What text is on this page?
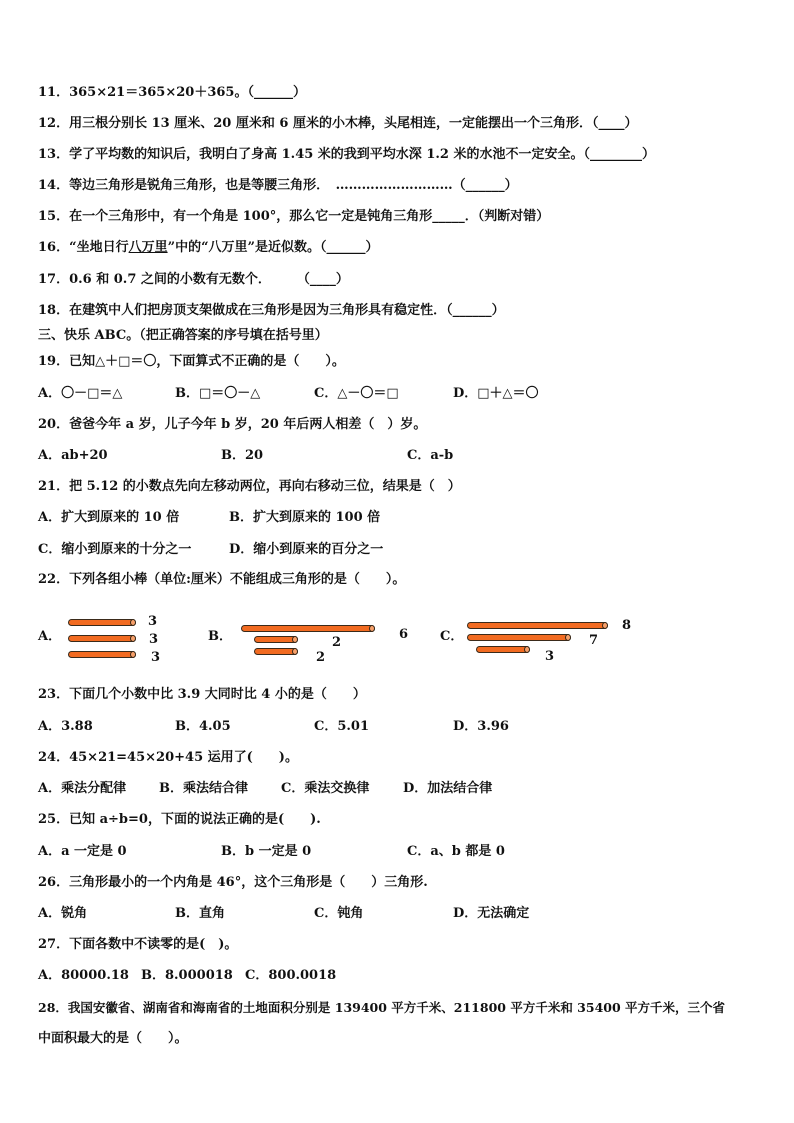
11．365×21＝365×20＋365。（______）
12．用三根分别长 13 厘米、20 厘米和 6 厘米的小木棒，头尾相连，一定能摆出一个三角形．（____）
13．学了平均数的知识后，我明白了身高 1.45 米的我到平均水深 1.2 米的水池不一定安全。（________）
14．等边三角形是锐角三角形，也是等腰三角形．　………………………（______）
15．在一个三角形中，有一个角是 100°，那么它一定是钝角三角形_____．（判断对错）
16．“坐地日行八万里”中的“八万里”是近似数。（______）
17．0.6 和 0.7 之间的小数有无数个．　　　（____）
18．在建筑中人们把房顶支架做成在三角形是因为三角形具有稳定性．（______）
三、快乐 ABC。（把正确答案的序号填在括号里）
19．已知△＋□＝〇，下面算式不正确的是（　　）。
A．〇－□＝△	B．□＝〇－△	C．△－〇＝□	D．□＋△＝〇
20．爸爸今年 a 岁，儿子今年 b 岁，20 年后两人相差（　）岁。
A．ab+20	B．20	C．a-b
21．把 5.12 的小数点先向左移动两位，再向右移动三位，结果是（　）
A．扩大到原来的 10 倍	B．扩大到原来的 100 倍
C．缩小到原来的十分之一	D．缩小到原来的百分之一
22．下列各组小棒（单位:厘米）不能组成三角形的是（　　）。
A．
3
3
3
B．	6
2
2
C．
8
7
3
23．下面几个小数中比 3.9 大同时比 4 小的是（　　）
A．3.88	B．4.05	C．5.01	D．3.96
24．45×21=45×20+45 运用了(　　)。
A．乘法分配律	B．乘法结合律	C．乘法交换律	D．加法结合律
25．已知 a÷b=0，下面的说法正确的是(　　).
A．a 一定是 0	B．b 一定是 0	C．a、b 都是 0
26．三角形最小的一个内角是 46°，这个三角形是（　　）三角形.
A．锐角	B．直角	C．钝角	D．无法确定
27．下面各数中不读零的是(　)。
A．80000.18 B．8.000018 C．800.0018
28．我国安徽省、湖南省和海南省的土地面积分别是 139400 平方千米、211800 平方千米和 35400 平方千米，三个省
中面积最大的是（　　）。
